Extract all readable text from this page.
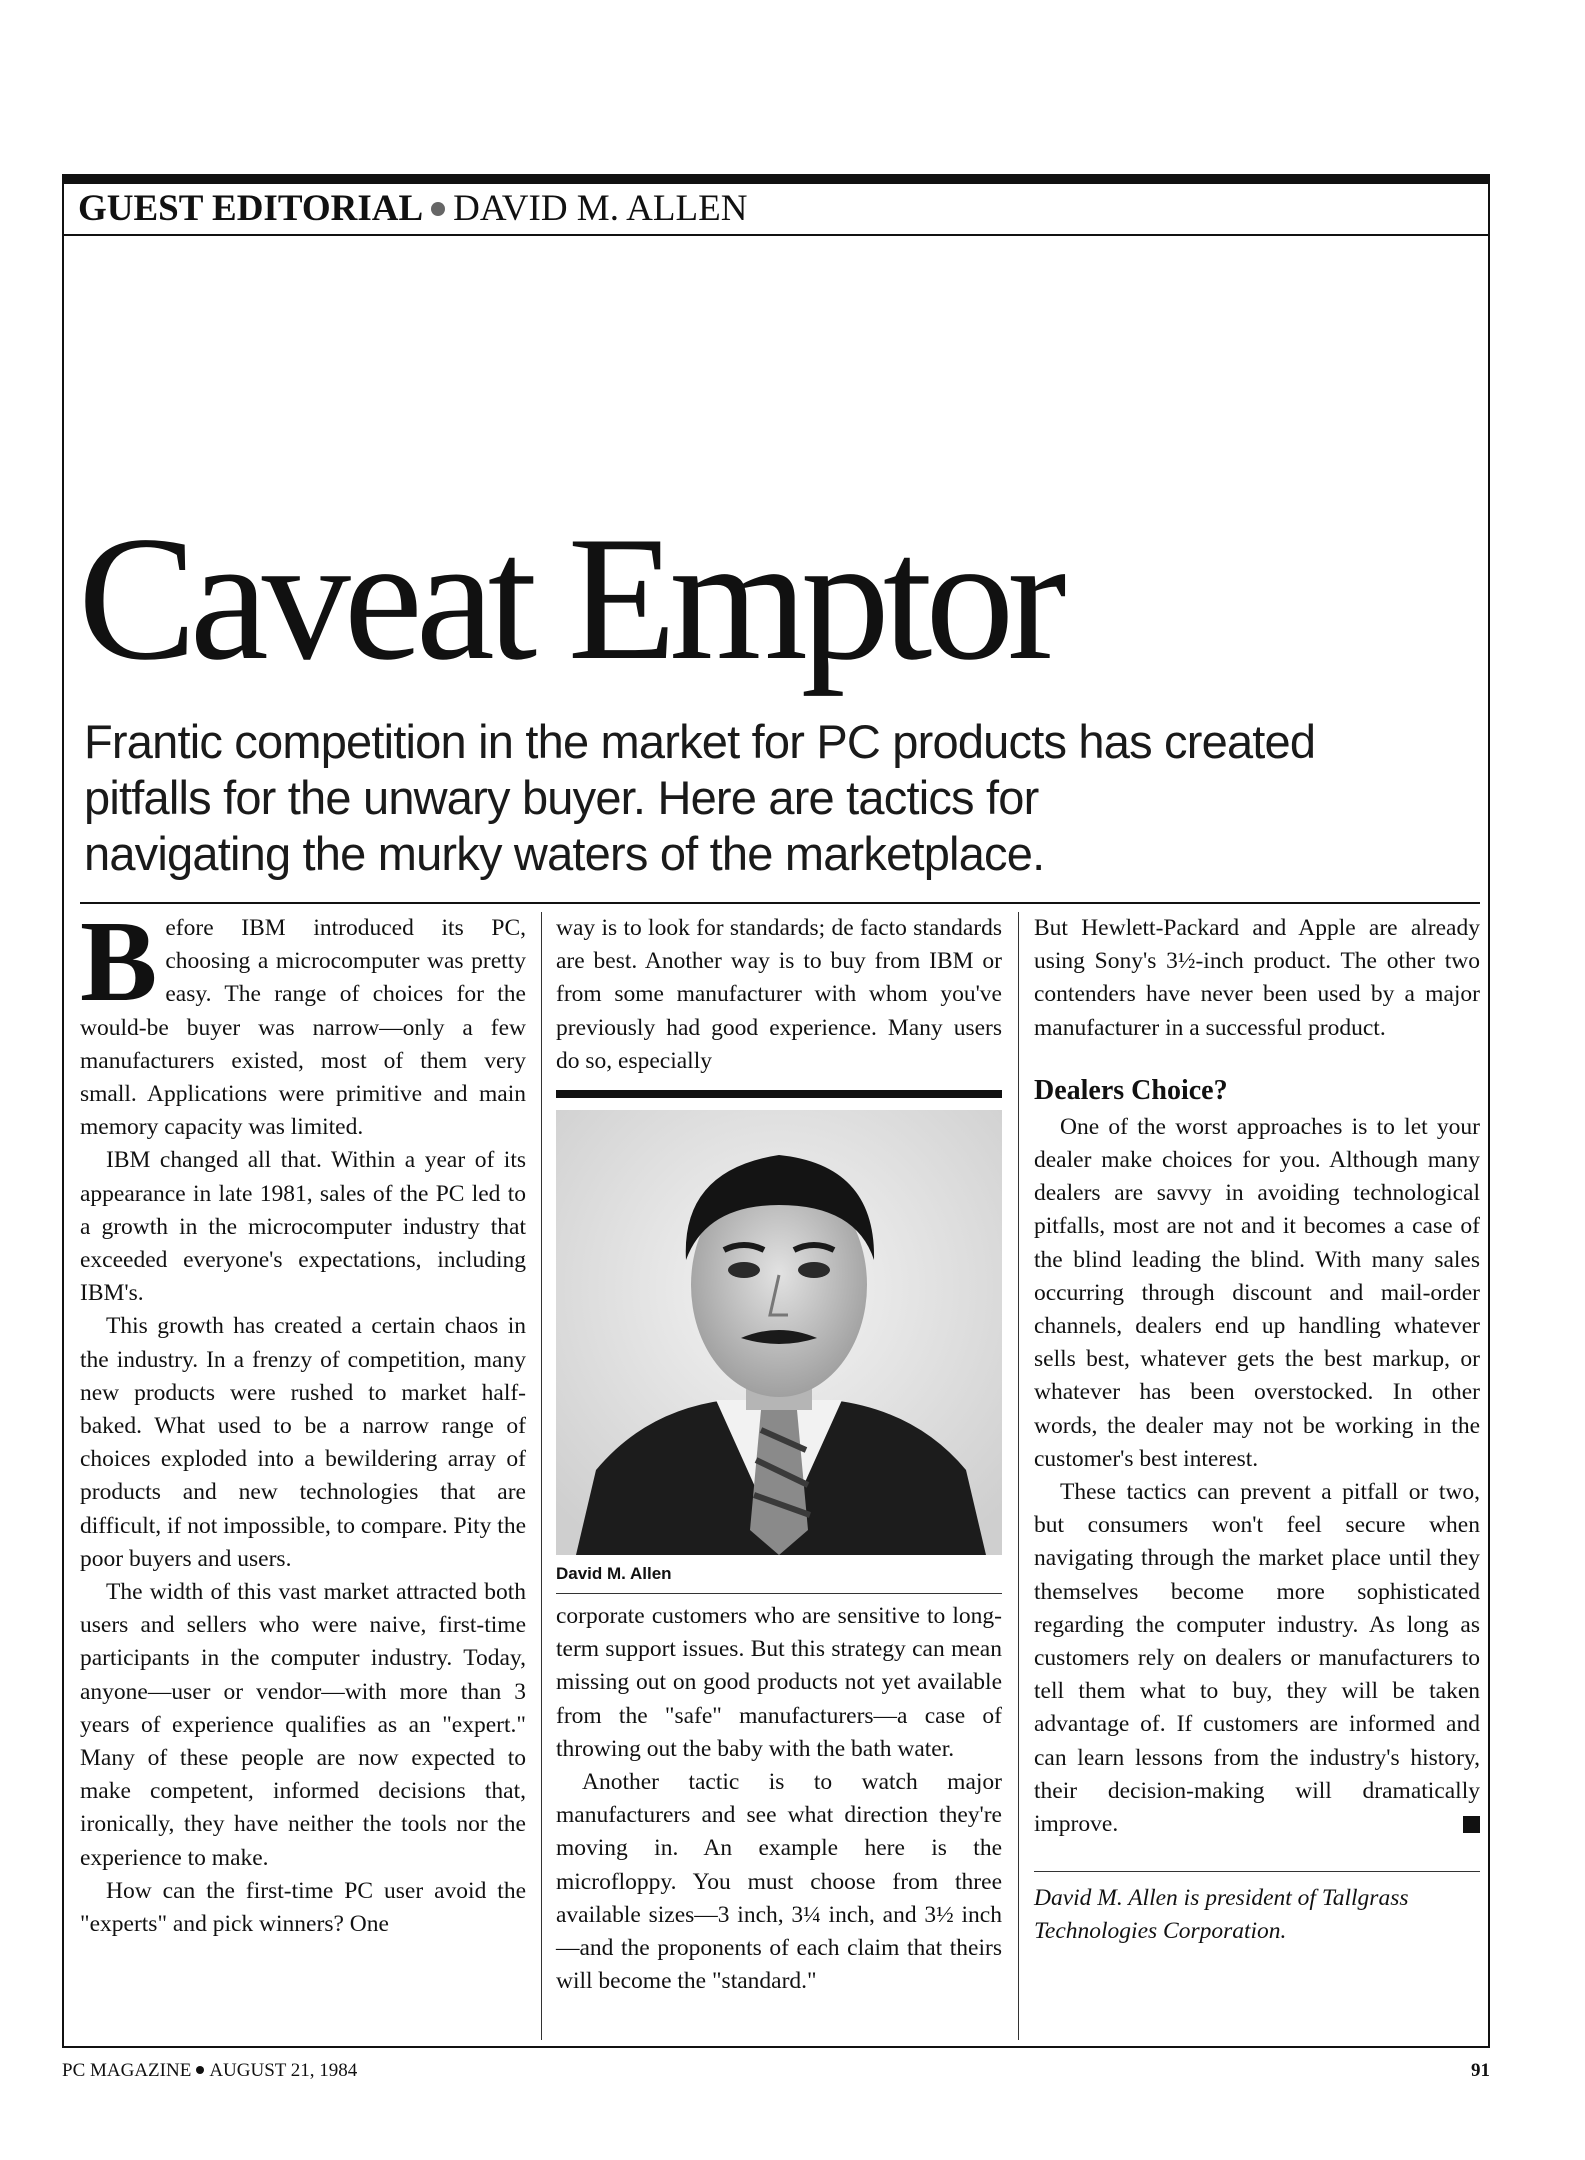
GUEST EDITORIAL DAVID M. ALLEN
Caveat Emptor
Frantic competition in the market for PC products has created
pitfalls for the unwary buyer. Here are tactics for
navigating the murky waters of the marketplace.

Before IBM introduced its PC, choosing a microcomputer was pretty easy. The range of choices for the would-be buyer was narrow—only a few manufacturers existed, most of them very small. Applications were primitive and main memory capacity was limited.

IBM changed all that. Within a year of its appearance in late 1981, sales of the PC led to a growth in the microcomputer industry that exceeded everyone's expectations, including IBM's.

This growth has created a certain chaos in the industry. In a frenzy of competition, many new products were rushed to market half-baked. What used to be a narrow range of choices exploded into a bewildering array of products and new technologies that are difficult, if not impossible, to compare. Pity the poor buyers and users.

The width of this vast market attracted both users and sellers who were naive, first-time participants in the computer industry. Today, anyone—user or vendor—with more than 3 years of experience qualifies as an "expert." Many of these people are now expected to make competent, informed decisions that, ironically, they have neither the tools nor the experience to make.

How can the first-time PC user avoid the "experts" and pick winners? One

way is to look for standards; de facto standards are best. Another way is to buy from IBM or from some manufacturer with whom you've previously had good experience. Many users do so, especially

David M. Allen

corporate customers who are sensitive to long-term support issues. But this strategy can mean missing out on good products not yet available from the "safe" manufacturers—a case of throwing out the baby with the bath water.

Another tactic is to watch major manufacturers and see what direction they're moving in. An example here is the microfloppy. You must choose from three available sizes—3 inch, 3¼ inch, and 3½ inch—and the proponents of each claim that theirs will become the "standard."

But Hewlett-Packard and Apple are already using Sony's 3½-inch product. The other two contenders have never been used by a major manufacturer in a successful product.

Dealers Choice?

One of the worst approaches is to let your dealer make choices for you. Although many dealers are savvy in avoiding technological pitfalls, most are not and it becomes a case of the blind leading the blind. With many sales occurring through discount and mail-order channels, dealers end up handling whatever sells best, whatever gets the best markup, or whatever has been overstocked. In other words, the dealer may not be working in the customer's best interest.

These tactics can prevent a pitfall or two, but consumers won't feel secure when navigating through the market place until they themselves become more sophisticated regarding the computer industry. As long as customers rely on dealers or manufacturers to tell them what to buy, they will be taken advantage of. If customers are informed and can learn lessons from the industry's history, their decision-making will dramatically improve.

David M. Allen is president of Tallgrass Technologies Corporation.

PC MAGAZINE AUGUST 21, 1984	91
